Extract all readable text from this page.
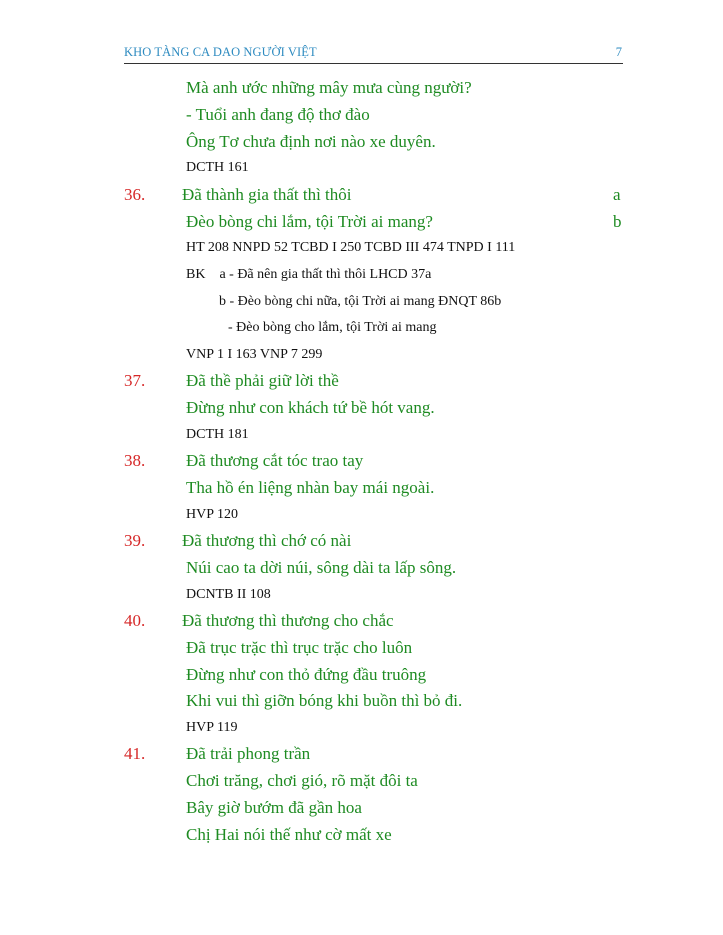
KHO TÀNG CA DAO NGƯỜI VIỆT	7
Mà anh ước những mây mưa cùng người?
- Tuổi anh đang độ thơ đào
Ông Tơ chưa định nơi nào xe duyên.
DCTH 161
36. Đã thành gia thất thì thôi	a
Đèo bòng chi lắm, tội Trời ai mang?	b
HT 208 NNPD 52 TCBD I 250 TCBD III 474 TNPD I 111
BK    a - Đã nên gia thất thì thôi LHCD 37a
b - Đèo bòng chi nữa, tội Trời ai mang ĐNQT 86b
- Đèo bòng cho lắm, tội Trời ai mang
VNP 1 I 163 VNP 7 299
37. Đã thề phải giữ lời thề
Đừng như con khách tứ bề hót vang.
DCTH 181
38. Đã thương cắt tóc trao tay
Tha hồ én liệng nhàn bay mái ngoài.
HVP 120
39. Đã thương thì chớ có nài
Núi cao ta dời núi, sông dài ta lấp sông.
DCNTB II 108
40. Đã thương thì thương cho chắc
Đã trục trặc thì trục trặc cho luôn
Đừng như con thỏ đứng đầu truông
Khi vui thì giỡn bóng khi buồn thì bỏ đi.
HVP 119
41. Đã trải phong trần
Chơi trăng, chơi gió, rõ mặt đôi ta
Bây giờ bướm đã gần hoa
Chị Hai nói thế như cờ mất xe
